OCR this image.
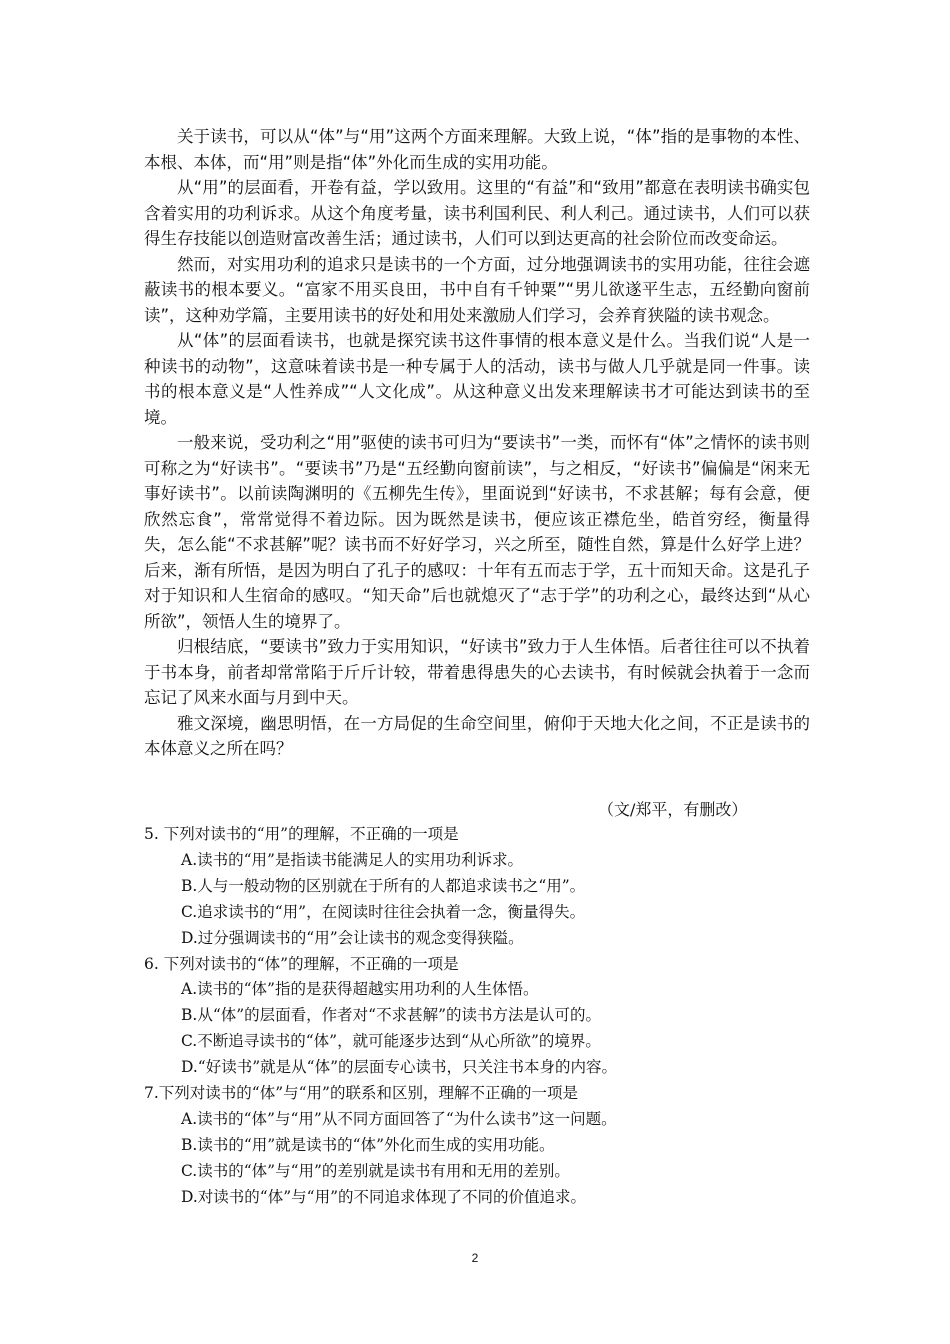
关于读书，可以从“体”与“用”这两个方面来理解。大致上说，“体”指的是事物的本性、本根、本体，而“用”则是指“体”外化而生成的实用功能。

从“用”的层面看，开卷有益，学以致用。这里的“有益”和“致用”都意在表明读书确实包含着实用的功利诉求。从这个角度考量，读书利国利民、利人利己。通过读书，人们可以获得生存技能以创造财富改善生活；通过读书，人们可以到达更高的社会阶位而改变命运。

然而，对实用功利的追求只是读书的一个方面，过分地强调读书的实用功能，往往会遮蔽读书的根本要义。“富家不用买良田，书中自有千钟粟”“男儿欲遂平生志，五经勤向窗前读”，这种劝学篇，主要用读书的好处和用处来激励人们学习，会养育狭隘的读书观念。

从“体”的层面看读书，也就是探究读书这件事情的根本意义是什么。当我们说“人是一种读书的动物”，这意味着读书是一种专属于人的活动，读书与做人几乎就是同一件事。读书的根本意义是“人性养成”“人文化成”。从这种意义出发来理解读书才可能达到读书的至境。

一般来说，受功利之“用”驱使的读书可归为“要读书”一类，而怀有“体”之情怀的读书则可称之为“好读书”。“要读书”乃是“五经勤向窗前读”，与之相反，“好读书”偏偏是“闲来无事好读书”。以前读陶渊明的《五柳先生传》，里面说到“好读书，不求甚解；每有会意，便欣然忘食”，常常觉得不着边际。因为既然是读书，便应该正襟危坐，皓首穷经，衡量得失，怎么能“不求甚解”呢？读书而不好好学习，兴之所至，随性自然，算是什么好学上进？后来，渐有所悟，是因为明白了孔子的感叹：十年有五而志于学，五十而知天命。这是孔子对于知识和人生宿命的感叹。“知天命”后也就熄灭了“志于学”的功利之心，最终达到“从心所欲”，领悟人生的境界了。

归根结底，“要读书”致力于实用知识，“好读书”致力于人生体悟。后者往往可以不执着于书本身，前者却常常陷于斤斤计较，带着患得患失的心去读书，有时候就会执着于一念而忘记了风来水面与月到中天。

雅文深境，幽思明悟，在一方局促的生命空间里，俯仰于天地大化之间，不正是读书的本体意义之所在吗？

（文/郑平，有删改）
5. 下列对读书的“用”的理解，不正确的一项是
A.读书的“用”是指读书能满足人的实用功利诉求。
B.人与一般动物的区别就在于所有的人都追求读书之“用”。
C.追求读书的“用”，在阅读时往往会执着一念，衡量得失。
D.过分强调读书的“用”会让读书的观念变得狭隘。
6. 下列对读书的“体”的理解，不正确的一项是
A.读书的“体”指的是获得超越实用功利的人生体悟。
B.从“体”的层面看，作者对“不求甚解”的读书方法是认可的。
C.不断追寻读书的“体”，就可能逐步达到“从心所欲”的境界。
D.“好读书”就是从“体”的层面专心读书，只关注书本身的内容。
7.下列对读书的“体”与“用”的联系和区别，理解不正确的一项是
A.读书的“体”与“用”从不同方面回答了“为什么读书”这一问题。
B.读书的“用”就是读书的“体”外化而生成的实用功能。
C.读书的“体”与“用”的差别就是读书有用和无用的差别。
D.对读书的“体”与“用”的不同追求体现了不同的价值追求。
2
